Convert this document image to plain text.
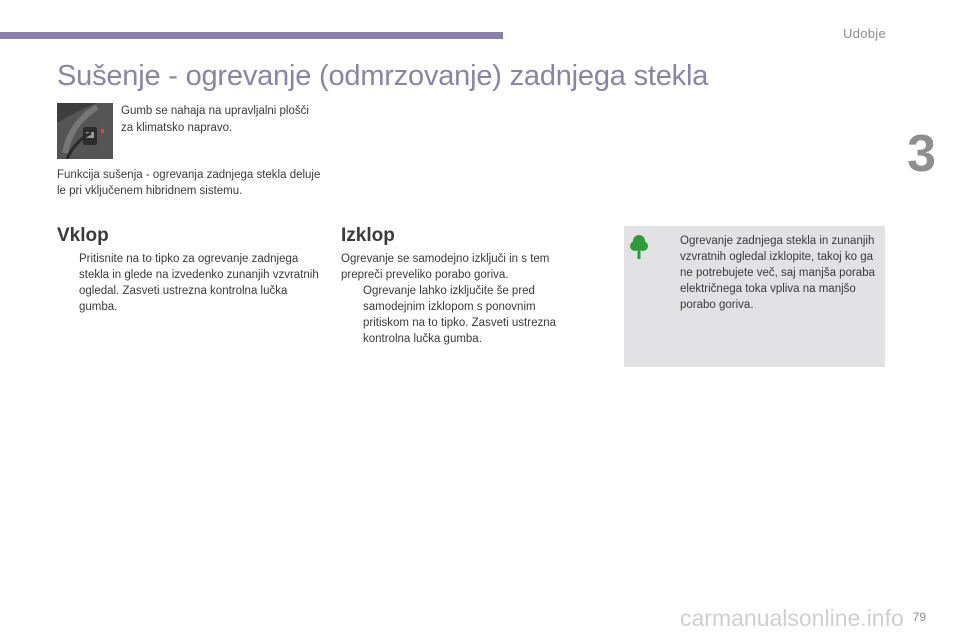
Udobje
3
Sušenje - ogrevanje (odmrzovanje) zadnjega stekla
Gumb se nahaja na upravljalni plošči za klimatsko napravo.
Funkcija sušenja - ogrevanja zadnjega stekla deluje le pri vključenem hibridnem sistemu.
Vklop
Pritisnite na to tipko za ogrevanje zadnjega stekla in glede na izvedenko zunanjih vzvratnih ogledal. Zasveti ustrezna kontrolna lučka gumba.
Izklop
Ogrevanje se samodejno izključi in s tem prepreči preveliko porabo goriva.
Ogrevanje lahko izključite še pred samodejnim izklopom s ponovnim pritiskom na to tipko. Zasveti ustrezna kontrolna lučka gumba.
Ogrevanje zadnjega stekla in zunanjih vzvratnih ogledal izklopite, takoj ko ga ne potrebujete več, saj manjša poraba električnega toka vpliva na manjšo porabo goriva.
79
carmanualsonline.info
